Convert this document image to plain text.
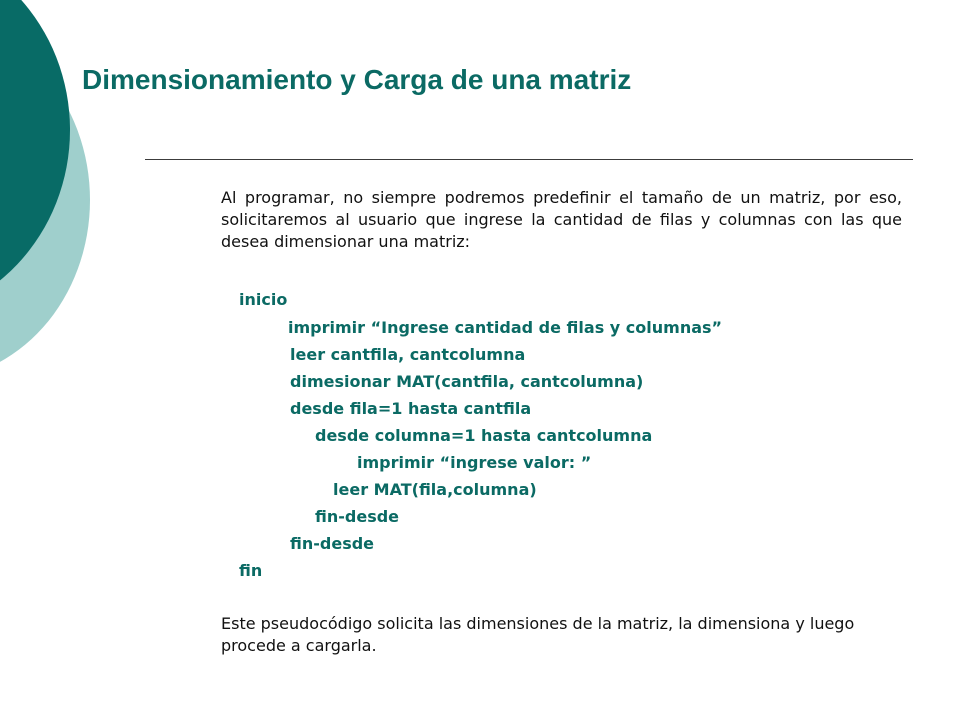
Dimensionamiento y Carga de una matriz

Al programar, no siempre podremos predefinir el tamaño de un matriz, por eso, solicitaremos al usuario que ingrese la cantidad de filas y columnas con las que desea dimensionar una matriz:

inicio

imprimir “Ingrese cantidad de filas y columnas”

leer cantfila, cantcolumna

dimesionar MAT(cantfila, cantcolumna)

desde fila=1 hasta cantfila

desde columna=1 hasta cantcolumna

imprimir “ingrese valor: ”

leer MAT(fila,columna)

fin-desde

fin-desde

fin

Este pseudocódigo solicita las dimensiones de la matriz, la dimensiona y luego procede a cargarla.
